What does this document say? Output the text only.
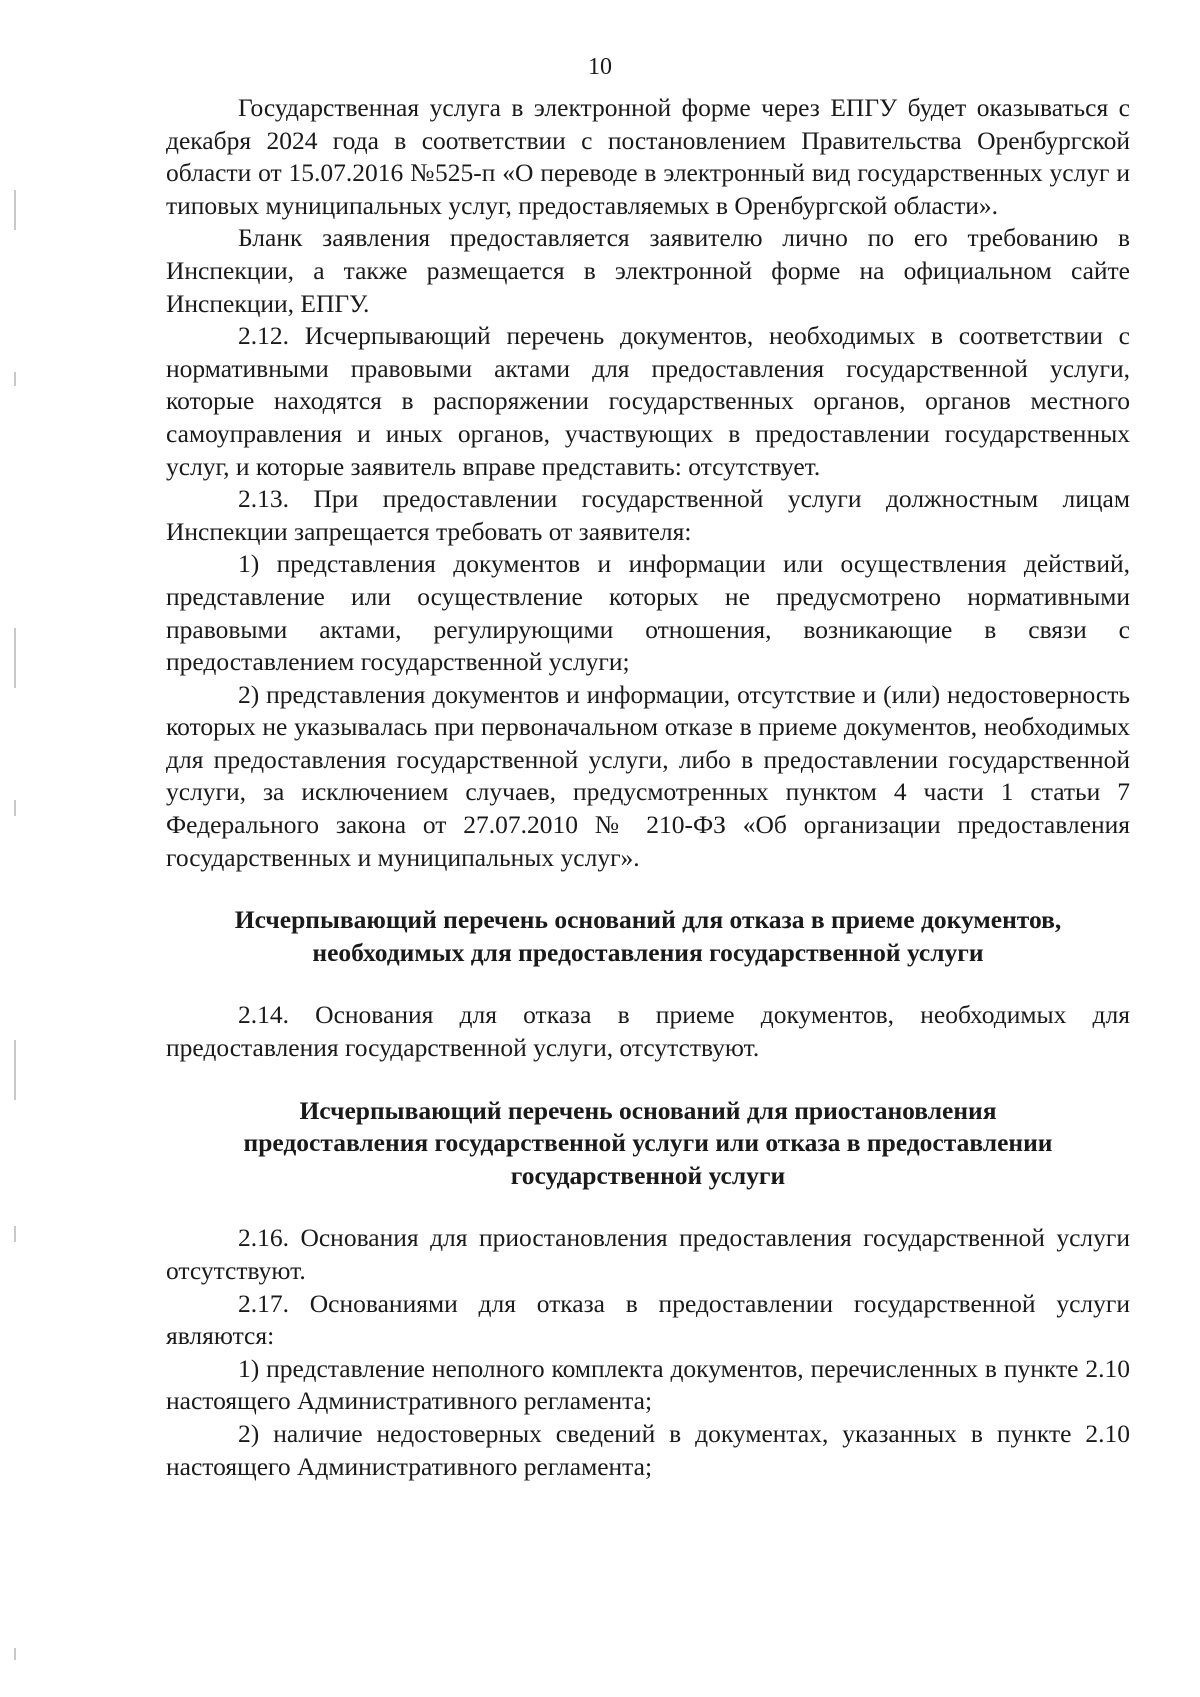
10

Государственная услуга в электронной форме через ЕПГУ будет оказываться с декабря 2024 года в соответствии с постановлением Правительства Оренбургской области от 15.07.2016 №525-п «О переводе в электронный вид государственных услуг и типовых муниципальных услуг, предоставляемых в Оренбургской области».

Бланк заявления предоставляется заявителю лично по его требованию в Инспекции, а также размещается в электронной форме на официальном сайте Инспекции, ЕПГУ.

2.12. Исчерпывающий перечень документов, необходимых в соответствии с нормативными правовыми актами для предоставления государственной услуги, которые находятся в распоряжении государственных органов, органов местного самоуправления и иных органов, участвующих в предоставлении государственных услуг, и которые заявитель вправе представить: отсутствует.

2.13. При предоставлении государственной услуги должностным лицам Инспекции запрещается требовать от заявителя:

1) представления документов и информации или осуществления действий, представление или осуществление которых не предусмотрено нормативными правовыми актами, регулирующими отношения, возникающие в связи с предоставлением государственной услуги;

2) представления документов и информации, отсутствие и (или) недостоверность которых не указывалась при первоначальном отказе в приеме документов, необходимых для предоставления государственной услуги, либо в предоставлении государственной услуги, за исключением случаев, предусмотренных пунктом 4 части 1 статьи 7 Федерального закона от 27.07.2010 № 210-ФЗ «Об организации предоставления государственных и муниципальных услуг».

Исчерпывающий перечень оснований для отказа в приеме документов, необходимых для предоставления государственной услуги

2.14. Основания для отказа в приеме документов, необходимых для предоставления государственной услуги, отсутствуют.

Исчерпывающий перечень оснований для приостановления предоставления государственной услуги или отказа в предоставлении государственной услуги

2.16. Основания для приостановления предоставления государственной услуги отсутствуют.

2.17. Основаниями для отказа в предоставлении государственной услуги являются:

1) представление неполного комплекта документов, перечисленных в пункте 2.10 настоящего Административного регламента;

2) наличие недостоверных сведений в документах, указанных в пункте 2.10 настоящего Административного регламента;
